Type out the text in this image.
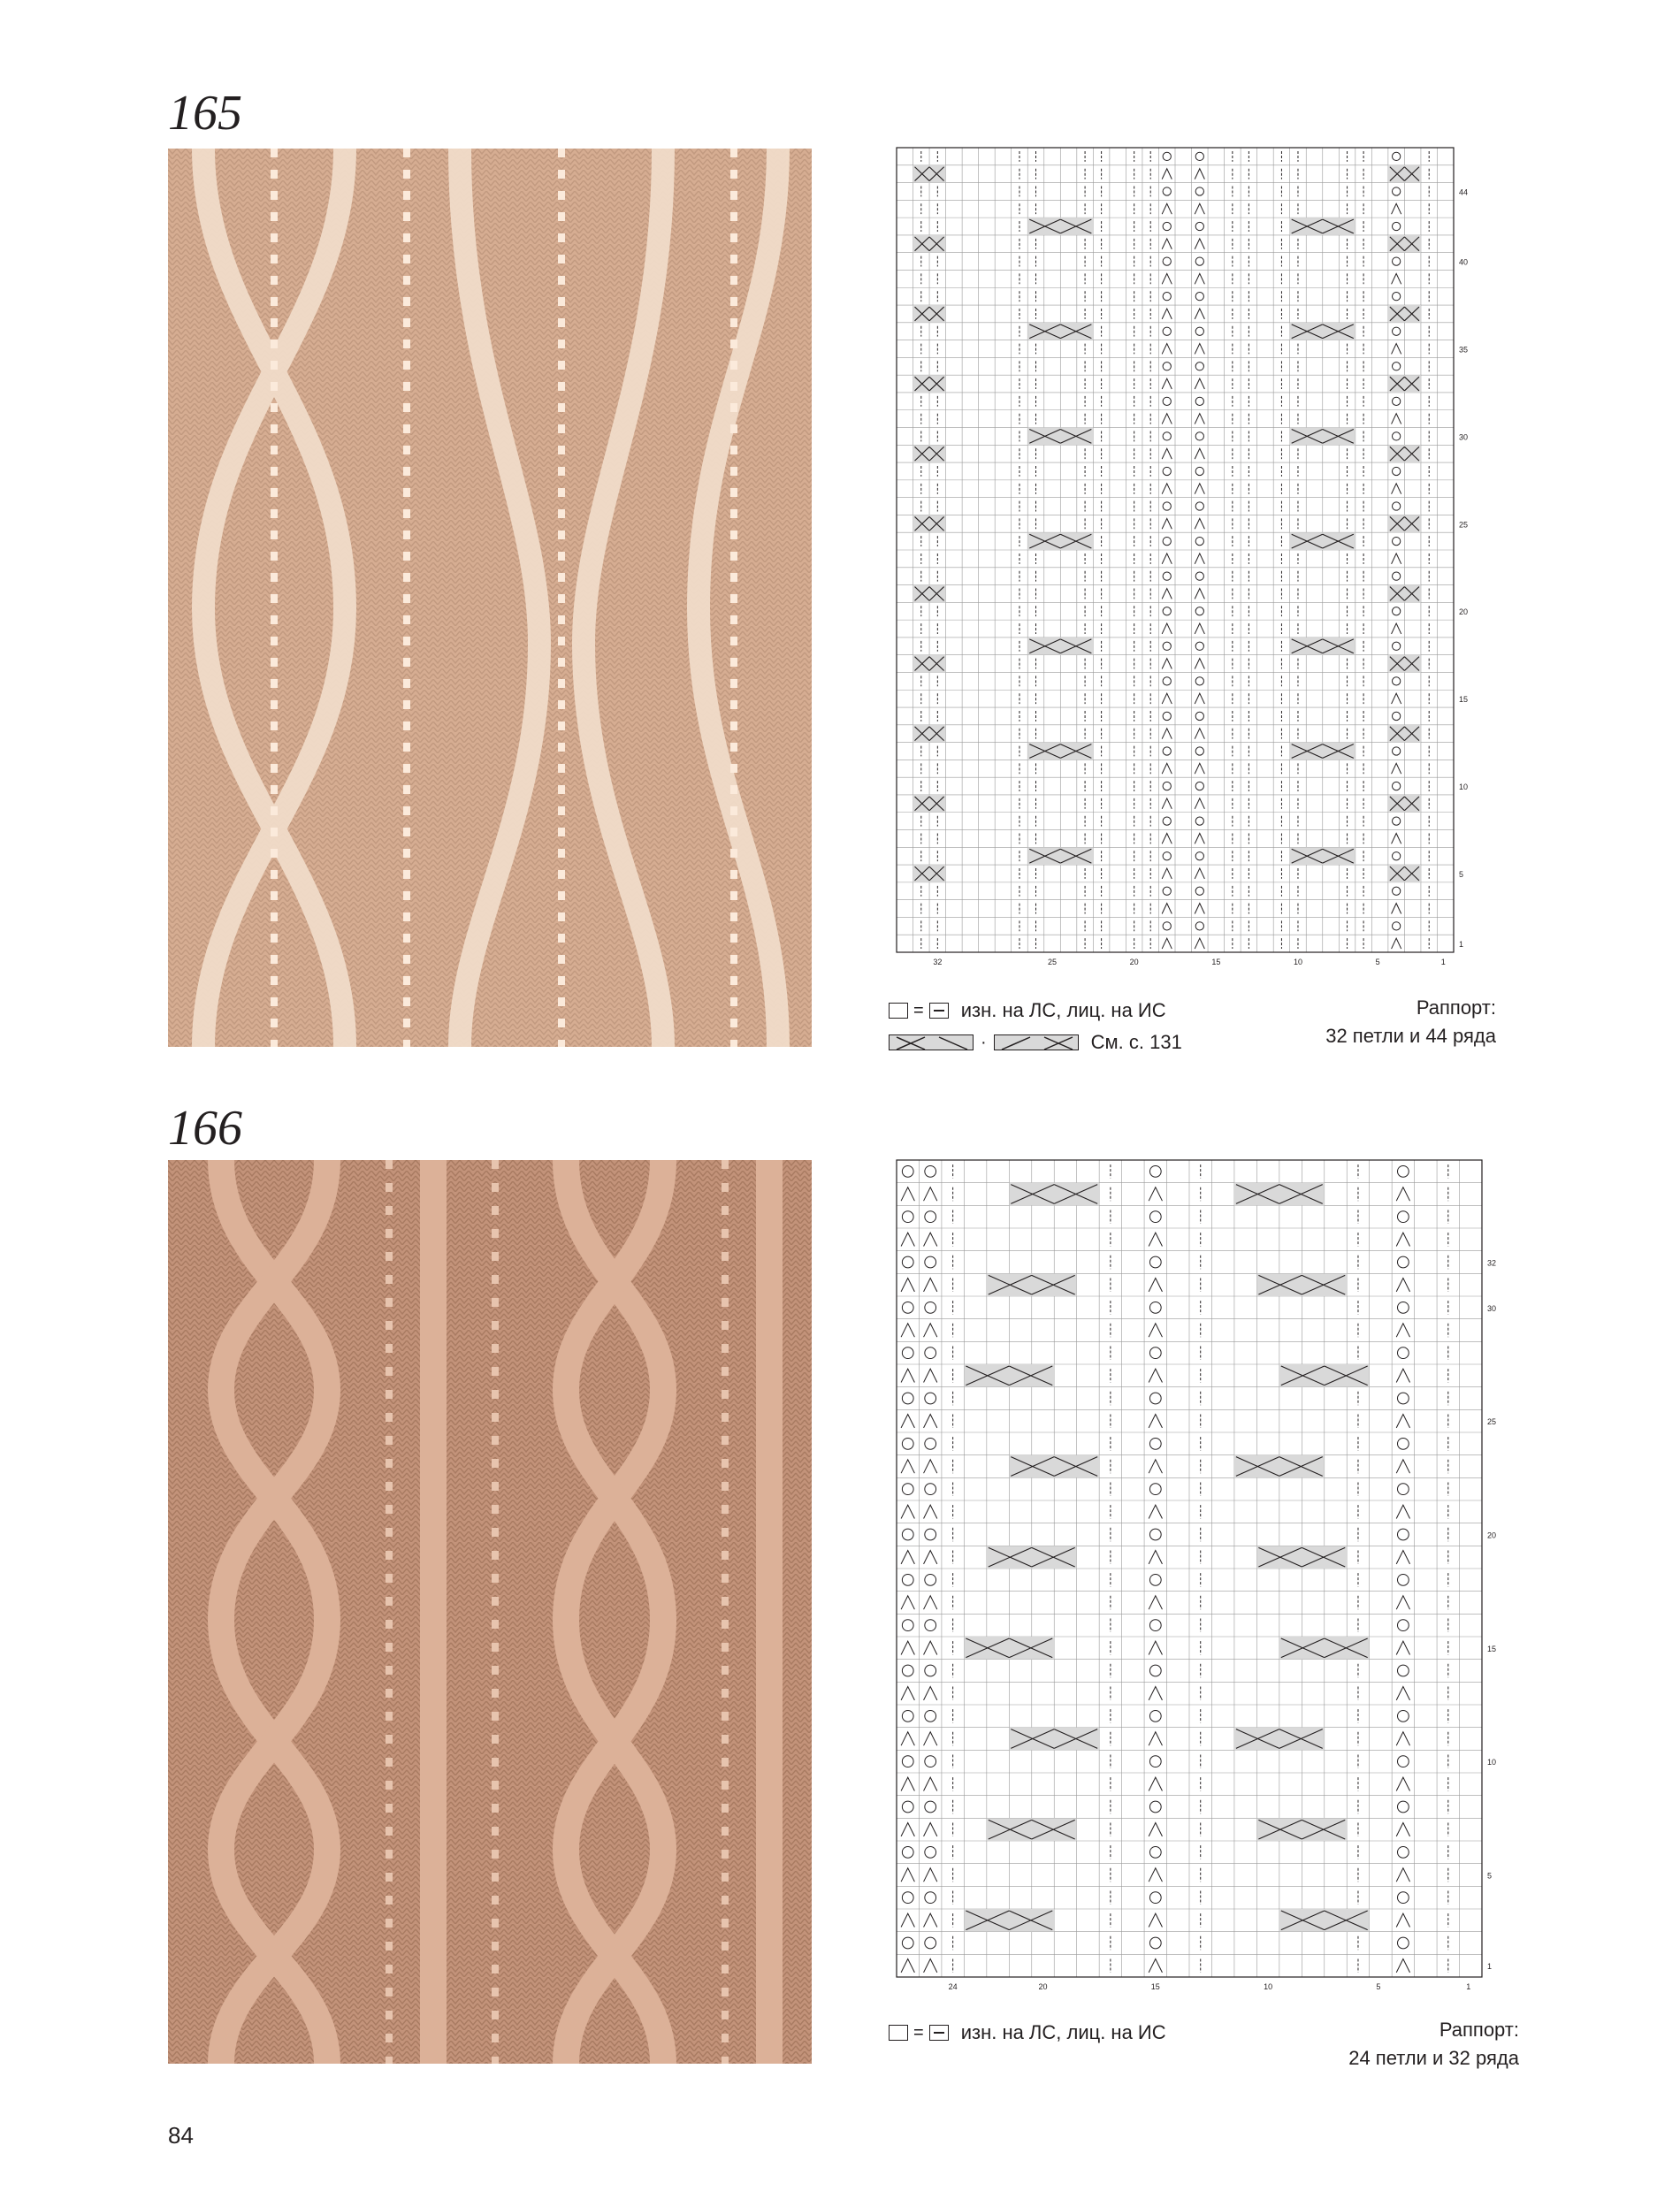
165
1
5
10
15
20
25
30
35
40
44
32	25	20	15	10	5	1
= изн. на ЛС, лиц. на ИС
·	См. с. 131
Раппорт:
32 петли и 44 ряда
166
1
5
10
15
20
25
30
32
24	20	15	10	5	1
= изн. на ЛС, лиц. на ИС	Раппорт:
24 петли и 32 ряда
84
